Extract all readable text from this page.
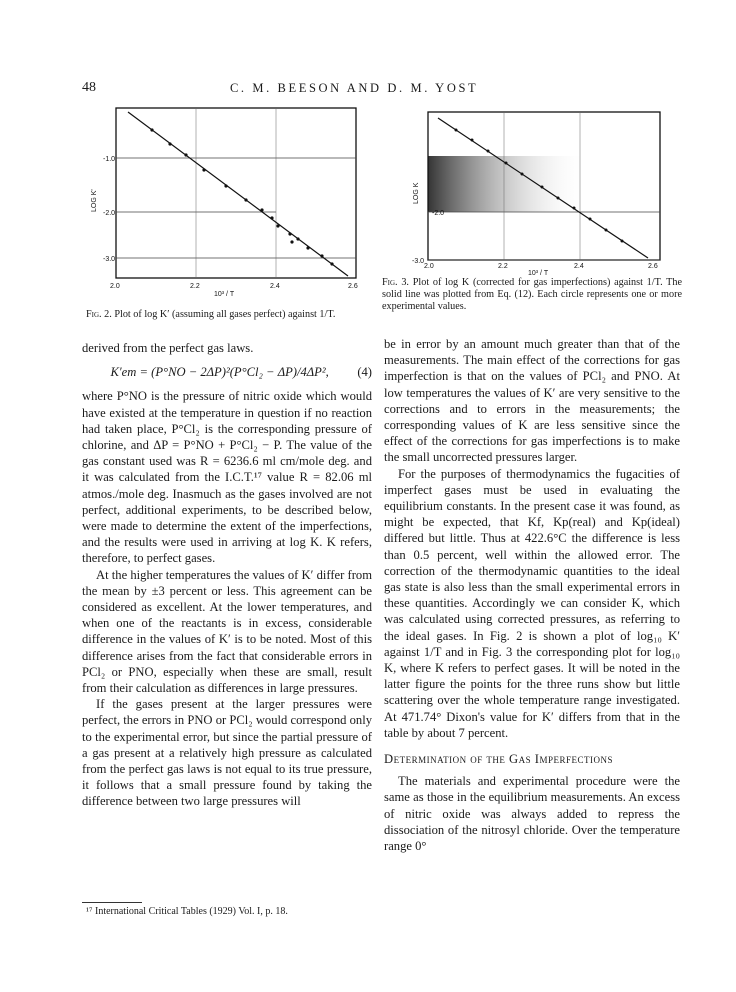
48	C. M. BEESON AND D. M. YOST
-1.0
-2.0
-3.0
2.0	2.2	2.4	2.6
10³ / T
LOG K'
Fig. 2. Plot of log K′ (assuming all gases perfect) against 1/T.
-2.0
-3.0
2.0	2.2	2.4	2.6
10³ / T
LOG K
Fig. 3. Plot of log K (corrected for gas imperfections) against 1/T. The solid line was plotted from Eq. (12). Each circle represents one or more experimental values.

derived from the perfect gas laws.

K′em = (P°NO − 2ΔP)²(P°Cl₂ − ΔP)/4ΔP², (4)

where P°NO is the pressure of nitric oxide which would have existed at the temperature in question if no reaction had taken place, P°Cl₂ is the corresponding pressure of chlorine, and ΔP = P°NO + P°Cl₂ − P. The value of the gas constant used was R = 6236.6 ml cm/mole deg. and it was calculated from the I.C.T.¹⁷ value R = 82.06 ml atmos./mole deg. Inasmuch as the gases involved are not perfect, additional experiments, to be described below, were made to determine the extent of the imperfections, and the results were used in arriving at log K. K refers, therefore, to perfect gases.

At the higher temperatures the values of K′ differ from the mean by ±3 percent or less. This agreement can be considered as excellent. At the lower temperatures, and when one of the reactants is in excess, considerable difference in the values of K′ is to be noted. Most of this difference arises from the fact that considerable errors in PCl₂ or PNO, especially when these are small, result from their calculation as differences in large pressures.

If the gases present at the larger pressures were perfect, the errors in PNO or PCl₂ would correspond only to the experimental error, but since the partial pressure of a gas present at a relatively high pressure as calculated from the perfect gas laws is not equal to its true pressure, it follows that a small pressure found by taking the difference between two large pressures will

be in error by an amount much greater than that of the measurements. The main effect of the corrections for gas imperfection is that on the values of PCl₂ and PNO. At low temperatures the values of K′ are very sensitive to the corrections and to errors in the measurements; the corresponding values of K are less sensitive since the effect of the corrections for gas imperfections is to make the small uncorrected pressures larger.

For the purposes of thermodynamics the fugacities of imperfect gases must be used in evaluating the equilibrium constants. In the present case it was found, as might be expected, that Kf, Kp(real) and Kp(ideal) differed but little. Thus at 422.6°C the difference is less than 0.5 percent, well within the allowed error. The correction of the thermodynamic quantities to the ideal gas state is also less than the small experimental errors in these quantities. Accordingly we can consider K, which was calculated using corrected pressures, as referring to the ideal gases. In Fig. 2 is shown a plot of log₁₀ K′ against 1/T and in Fig. 3 the corresponding plot for log₁₀ K, where K refers to perfect gases. It will be noted in the latter figure the points for the three runs show but little scattering over the whole temperature range investigated. At 471.74° Dixon's value for K′ differs from that in the table by about 7 percent.

Determination of the Gas Imperfections

The materials and experimental procedure were the same as those in the equilibrium measurements. An excess of nitric oxide was always added to repress the dissociation of the nitrosyl chloride. Over the temperature range 0°

¹⁷ International Critical Tables (1929) Vol. I, p. 18.
